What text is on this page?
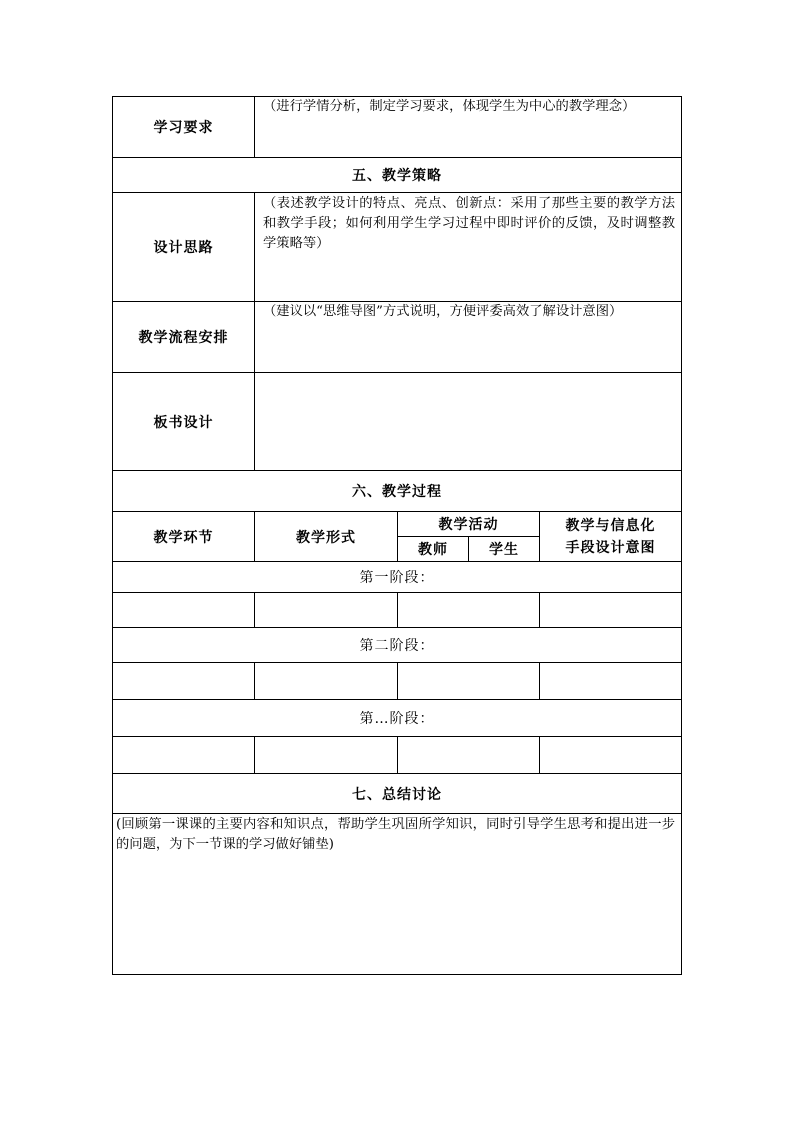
学习要求
（进行学情分析，制定学习要求，体现学生为中心的教学理念）
五、教学策略
设计思路
（表述教学设计的特点、亮点、创新点：采用了那些主要的教学方法和教学手段；如何利用学生学习过程中即时评价的反馈，及时调整教学策略等）
教学流程安排
（建议以“思维导图”方式说明，方便评委高效了解设计意图）
板书设计
六、教学过程
教学环节	教学形式
教学活动
教师	学生
教学与信息化
手段设计意图
第一阶段：
第二阶段：
第…阶段：
七、总结讨论
(回顾第一课课的主要内容和知识点，帮助学生巩固所学知识，同时引导学生思考和提出进一步的问题，为下一节课的学习做好铺垫)
